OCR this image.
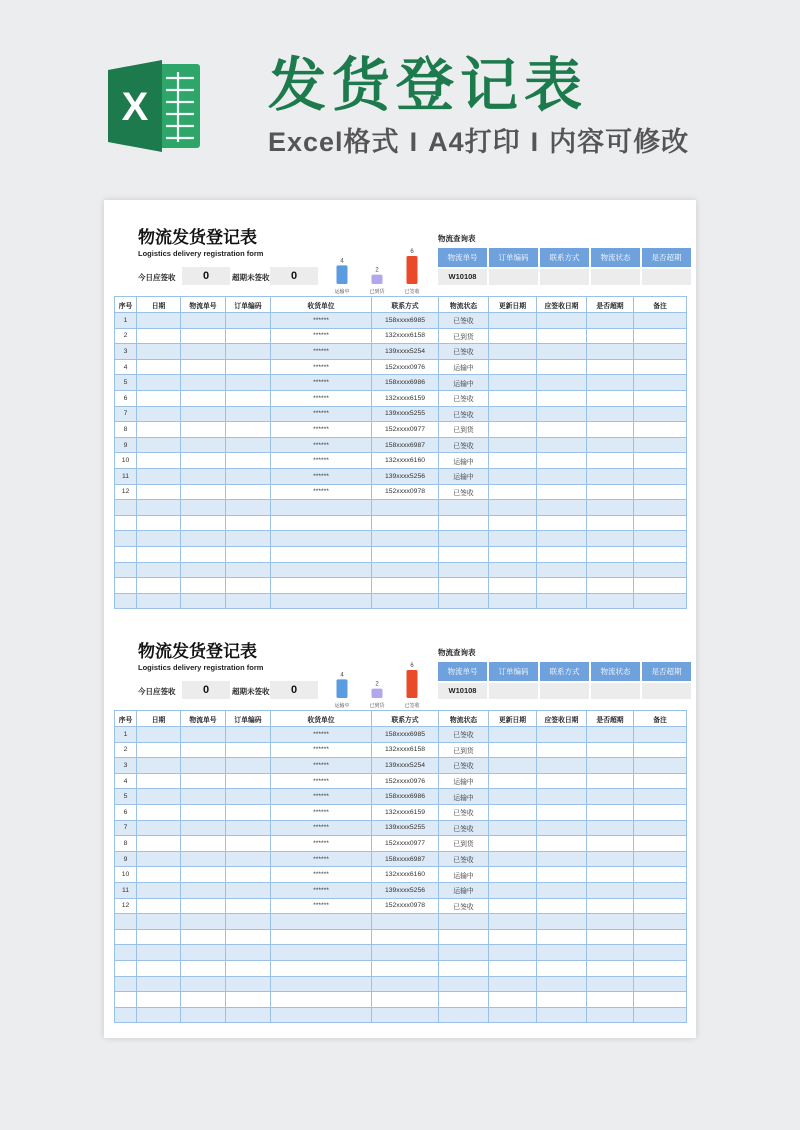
X 发货登记表
Excel格式 I A4打印 I 内容可修改
物流发货登记表
Logistics delivery registration form
今日应签收	0	超期未签收	0
4
运输中
2
已到货
6
已签收
物流查询表
物流单号	订单编码	联系方式	物流状态	是否超期
W10108
序号	日期	物流单号	订单编码	收货单位	联系方式	物流状态	更新日期	应签收日期	是否超期	备注
1				******	158xxxx6985	已签收				
2				******	132xxxx6158	已到货				
3				******	139xxxx5254	已签收				
4				******	152xxxx0976	运输中				
5				******	158xxxx6986	运输中				
6				******	132xxxx6159	已签收				
7				******	139xxxx5255	已签收				
8				******	152xxxx0977	已到货				
9				******	158xxxx6987	已签收				
10				******	132xxxx6160	运输中				
11				******	139xxxx5256	运输中				
12				******	152xxxx0978	已签收				

物流发货登记表
Logistics delivery registration form
今日应签收	0	超期未签收	0
4
运输中
2
已到货
6
已签收
物流查询表
物流单号	订单编码	联系方式	物流状态	是否超期
W10108
序号	日期	物流单号	订单编码	收货单位	联系方式	物流状态	更新日期	应签收日期	是否超期	备注
1				******	158xxxx6985	已签收				
2				******	132xxxx6158	已到货				
3				******	139xxxx5254	已签收				
4				******	152xxxx0976	运输中				
5				******	158xxxx6986	运输中				
6				******	132xxxx6159	已签收				
7				******	139xxxx5255	已签收				
8				******	152xxxx0977	已到货				
9				******	158xxxx6987	已签收				
10				******	132xxxx6160	运输中				
11				******	139xxxx5256	运输中				
12				******	152xxxx0978	已签收				
